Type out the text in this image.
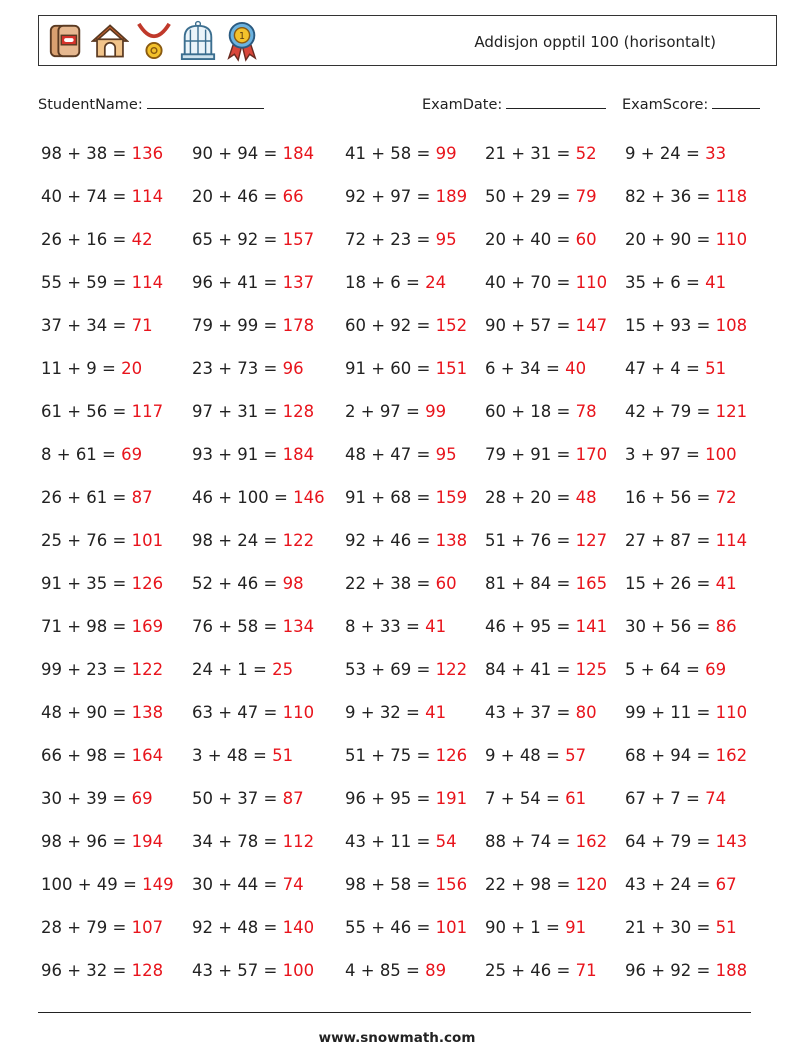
1	Addisjon opptil 100 (horisontalt)
StudentName:	ExamDate:	ExamScore:
98 + 38 = 136 90 + 94 = 184 41 + 58 = 99 21 + 31 = 52 9 + 24 = 33
40 + 74 = 114 20 + 46 = 66	92 + 97 = 189 50 + 29 = 79 82 + 36 = 118
26 + 16 = 42 65 + 92 = 157 72 + 23 = 95 20 + 40 = 60 20 + 90 = 110
55 + 59 = 114 96 + 41 = 137 18 + 6 = 24 40 + 70 = 110 35 + 6 = 41
37 + 34 = 71 79 + 99 = 178 60 + 92 = 152 90 + 57 = 147 15 + 93 = 108
11 + 9 = 20	23 + 73 = 96	91 + 60 = 151 6 + 34 = 40 47 + 4 = 51
61 + 56 = 117 97 + 31 = 128 2 + 97 = 99 60 + 18 = 78 42 + 79 = 121
8 + 61 = 69	93 + 91 = 184 48 + 47 = 95 79 + 91 = 170 3 + 97 = 100
26 + 61 = 87 46 + 100 = 146 91 + 68 = 159 28 + 20 = 48 16 + 56 = 72
25 + 76 = 101 98 + 24 = 122 92 + 46 = 138 51 + 76 = 127 27 + 87 = 114
91 + 35 = 126 52 + 46 = 98	22 + 38 = 60 81 + 84 = 165 15 + 26 = 41
71 + 98 = 169 76 + 58 = 134 8 + 33 = 41 46 + 95 = 141 30 + 56 = 86
99 + 23 = 122 24 + 1 = 25	53 + 69 = 122 84 + 41 = 125 5 + 64 = 69
48 + 90 = 138 63 + 47 = 110 9 + 32 = 41 43 + 37 = 80 99 + 11 = 110
66 + 98 = 164 3 + 48 = 51	51 + 75 = 126 9 + 48 = 57 68 + 94 = 162
30 + 39 = 69 50 + 37 = 87	96 + 95 = 191 7 + 54 = 61 67 + 7 = 74
98 + 96 = 194 34 + 78 = 112 43 + 11 = 54 88 + 74 = 162 64 + 79 = 143
100 + 49 = 149 30 + 44 = 74	98 + 58 = 156 22 + 98 = 120 43 + 24 = 67
28 + 79 = 107 92 + 48 = 140 55 + 46 = 101 90 + 1 = 91 21 + 30 = 51
96 + 32 = 128 43 + 57 = 100 4 + 85 = 89 25 + 46 = 71 96 + 92 = 188
www.snowmath.com
